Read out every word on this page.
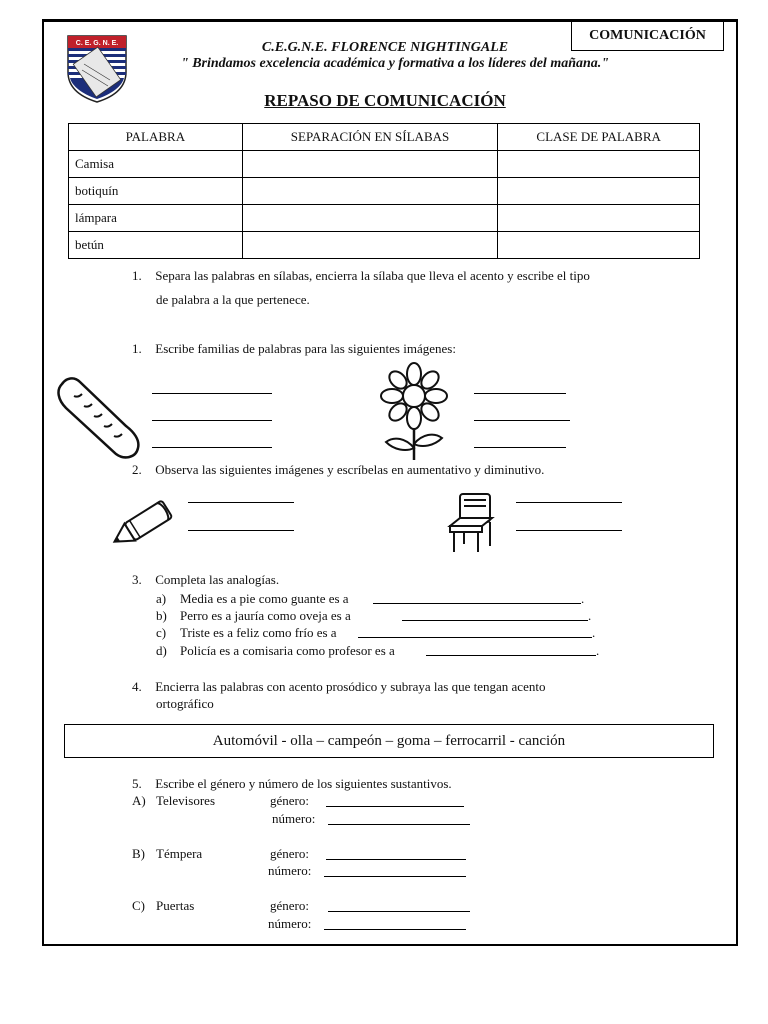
COMUNICACIÓN
C. E. G. N. E.	C.E.G.N.E. FLORENCE NIGHTINGALE
" Brindamos excelencia académica y formativa a los líderes del mañana."
REPASO DE COMUNICACIÓN
PALABRA	SEPARACIÓN EN SÍLABAS	CLASE DE PALABRA
Camisa		
botiquín		
lámpara		
betún		
1. Separa las palabras en sílabas, encierra la sílaba que lleva el acento y escribe el tipo
de palabra a la que pertenece.
1. Escribe familias de palabras para las siguientes imágenes:
2. Observa las siguientes imágenes y escríbelas en aumentativo y diminutivo.
3. Completa las analogías.
a) Media es a pie como guante es a	.
b) Perro es a jauría como oveja es a	.
c) Triste es a feliz como frío es a	.
d) Policía es a comisaria como profesor es a	.
4. Encierra las palabras con acento prosódico y subraya las que tengan acento
ortográfico
Automóvil - olla – campeón – goma – ferrocarril - canción
5. Escribe el género y número de los siguientes sustantivos.
A) Televisores	género:
número:
B) Témpera	género:
número:
C) Puertas	género:
número:
